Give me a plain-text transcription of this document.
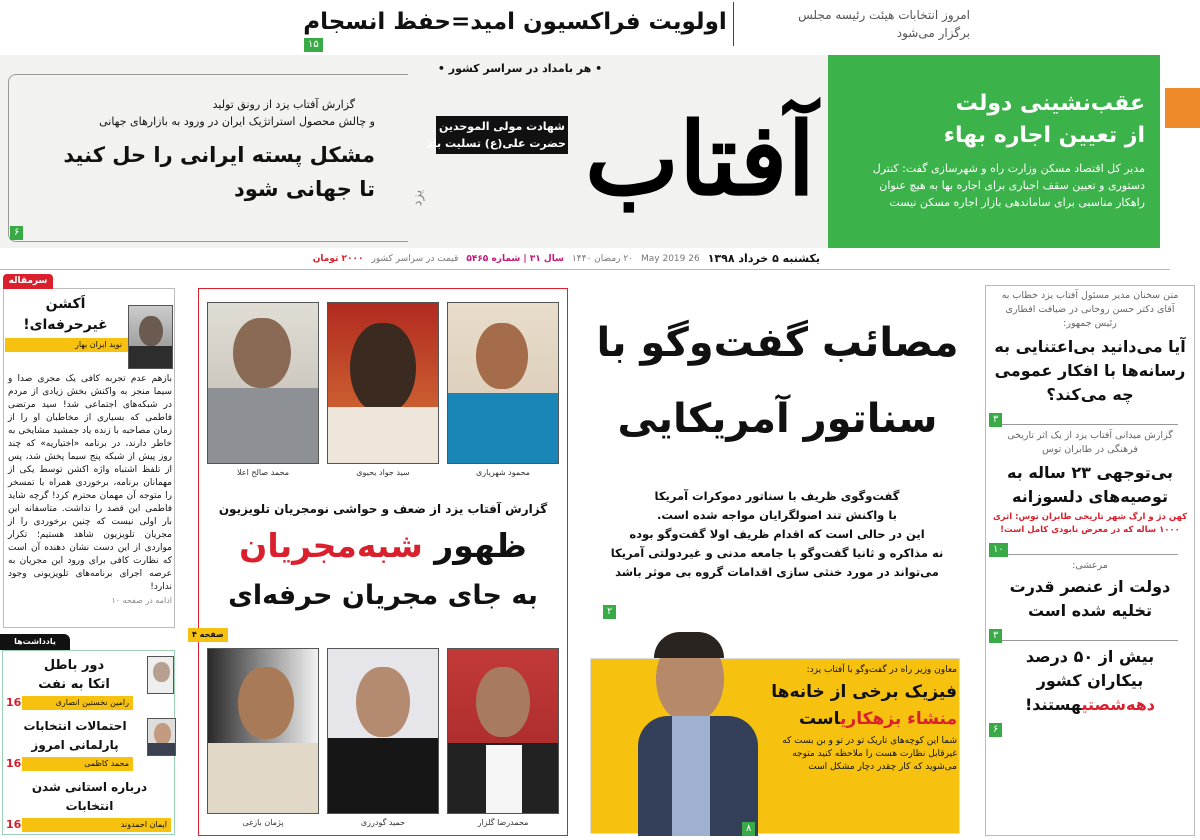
اولویت فراکسیون امید=حفظ انسجام
۱۵
امروز انتخابات هیئت رئیسه مجلس
برگزار می‌شود
• هر بامداد در سراسر کشور •
گزارش آفتاب یزد از رونق تولید
و چالش محصول استراتژیک ایران در ورود به بازارهای جهانی
مشکل پسته ایرانی را حل کنید
تا جهانی شود
۶
شهادت مولی الموحدین
حضرت علی(ع) تسلیت باد
یزد آفتاب	عقب‌نشینی دولت
از تعیین اجاره بهاء
مدیر کل اقتصاد مسکن وزارت راه و شهرسازی گفت: کنترل دستوری و تعیین سقف اجباری برای اجاره بها به هیچ عنوان راهکار مناسبی برای ساماندهی بازار اجاره مسکن نیست
یکشنبه ۵ خرداد ۱۳۹۸
26 May 2019
۲۰ رمضان ۱۴۴۰
سال ۳۱ | شماره ۵۴۶۵
قیمت در سراسر کشور
۲۰۰۰ تومان
سرمقاله
اَکشن
غیرحرفه‌ای!
نوید ایران بهار
بازهم عدم تجربه کافی یک مجری صدا و سیما منجر به واکنش بخش زیادی از مردم در شبکه‌های اجتماعی شد! سید مرتضی فاطمی که بسیاری از مخاطبان او را از زمان مصاحبه با زنده یاد جمشید مشایخی به خاطر دارند، در برنامه «اختیاریه» که چند روز پیش از شبکه پنج سیما پخش شد، پس از تلفظ اشتباه واژه اکشن توسط یکی از مهمانان برنامه، برخوردی همراه با تمسخر را متوجه آن مهمان محترم کرد! گرچه شاید فاطمی این قصد را نداشت. متاسفانه این بار اولی نیست که چنین برخوردی را از مجریان تلویزیون شاهد هستیم؛ تکرار مواردی از این دست نشان دهنده آن است که نظارت کافی برای ورود این مجریان به عرصه اجرای برنامه‌های تلویزیونی وجود ندارد!
ادامه در صفحه ۱۰
یادداشت‌ها
دور باطل
اتکا به نفت
رامین نخستین انصاری
16
احتمالات انتخابات
پارلمانی امروز
محمد کاظمی
16
درباره استانی شدن
انتخابات
ایمان احمدوند
16
محمود شهریاری
سید جواد یحیوی
محمد صالح اعلا
گزارش آفتاب یزد از ضعف و حواشی نومجریان تلویزیون
ظهور شبه‌مجریان
به جای مجریان حرفه‌ای
صفحه ۴
محمدرضا گلزار
حمید گودرزی
پژمان بازغی
مصائب گفت‌و‌گو با
سناتور آمریکایی
گفت‌وگوی ظریف با سناتور دموکرات آمریکا
با واکنش تند اصولگرایان مواجه شده است.
این در حالی است که اقدام ظریف اولا گفت‌وگو بوده
نه مذاکره و ثانیا گفت‌وگو با جامعه مدنی و غیردولتی آمریکا
می‌تواند در مورد خنثی سازی اقدامات گروه بی موثر باشد
۲
معاون وزیر راه در گفت‌وگو با آفتاب یزد:
فیزیک برخی از خانه‌ها
منشاء بزهکاریاست
شما این کوچه‌های تاریک تو در تو و بن بست که غیرقابل نظارت هست را ملاحظه کنید متوجه می‌شوید که کار چقدر دچار مشکل است
۸
متن سخنان مدیر مسئول آفتاب یزد خطاب به آقای دکتر حسن روحانی در ضیافت افطاری رئیس جمهور:
آیا می‌دانید بی‌اعتنایی به رسانه‌ها با افکار عمومی چه می‌کند؟
۳
گزارش میدانی آفتاب یزد از یک اثر تاریخی فرهنگی در طابران توس
بی‌توجهی ۲۳ ساله به توصیه‌های دلسوزانه
کهن دژ و ارگ شهر تاریخی طابران توس: اثری ۱۰۰۰ ساله که در معرض نابودی کامل است!
۱۰
مرعشی:
دولت از عنصر قدرت تخلیه شده است
۳
بیش از ۵۰ درصد بیکاران کشور
دهه‌شصتیهستند!
۶
